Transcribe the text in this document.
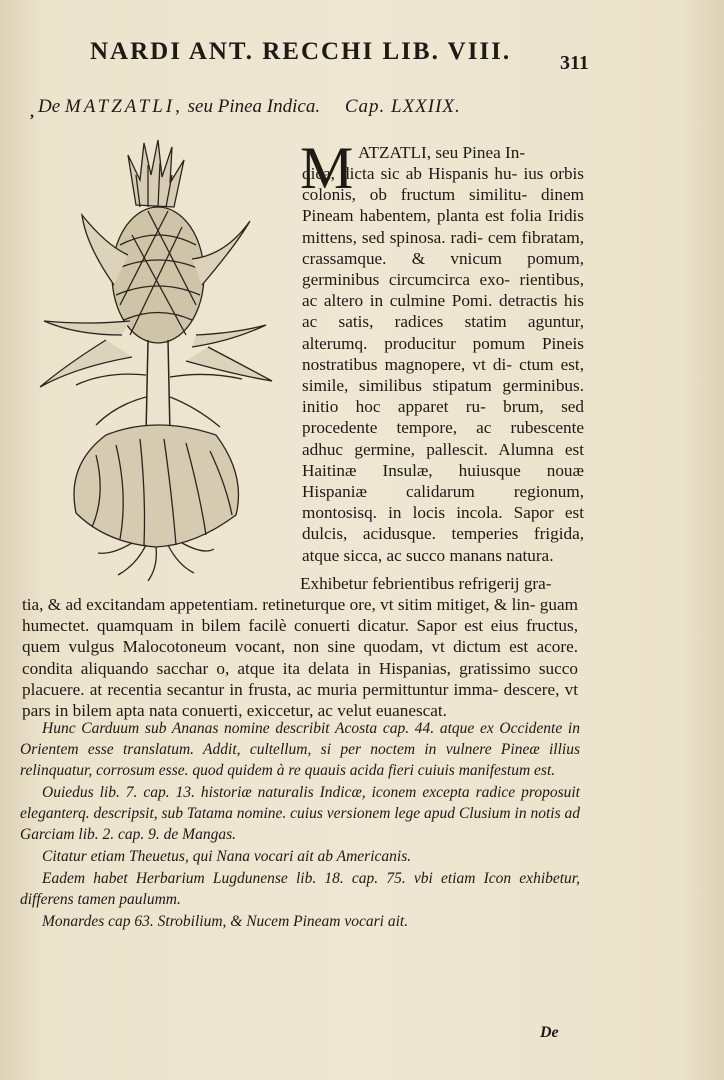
NARDI ANT. RECCHI LIB. VIII. 311
, De MATZATLI, seu Pinea Indica. Cap. LXXIIX.
M ATZATLI, seu Pinea In-

dica, dicta sic ab Hispanis hu- ius orbis colonis, ob fructum similitu- dinem Pineam habentem, planta est folia Iridis mittens, sed spinosa. radi- cem fibratam, crassamque. & vnicum pomum, germinibus circumcirca exo- rientibus, ac altero in culmine Pomi. detractis his ac satis, radices statim aguntur, alterumq. producitur pomum Pineis nostratibus magnopere, vt di- ctum est, simile, similibus stipatum germinibus. initio hoc apparet ru- brum, sed procedente tempore, ac rubescente adhuc germine, pallescit. Alumna est Haitinæ Insulæ, huiusque nouæ Hispaniæ calidarum regionum, montosisq. in locis incola. Sapor est dulcis, acidusque. temperies frigida, atque sicca, ac succo manans natura.

Exhibetur febrientibus refrigerij gra-

tia, & ad excitandam appetentiam. retineturque ore, vt sitim mitiget, & lin- guam humectet. quamquam in bilem facilè conuerti dicatur. Sapor est eius fructus, quem vulgus Malocotoneum vocant, non sine quodam, vt dictum est acore. condita aliquando sacchar o, atque ita delata in Hispanias, gratissimo succo placuere. at recentia secantur in frusta, ac muria permittuntur imma- descere, vt pars in bilem apta nata conuerti, exiccetur, ac velut euanescat.

Hunc Carduum sub Ananas nomine describit Acosta cap. 44. atque ex Occidente in Orientem esse translatum. Addit, cultellum, si per noctem in vulnere Pineæ illius relinquatur, corrosum esse. quod quidem à re quauis acida fieri cuiuis manifestum est.

Ouiedus lib. 7. cap. 13. historiæ naturalis Indicæ, iconem excepta radice proposuit eleganterq. descripsit, sub Tatama nomine. cuius versionem lege apud Clusium in notis ad Garciam lib. 2. cap. 9. de Mangas.

Citatur etiam Theuetus, qui Nana vocari ait ab Americanis.

Eadem habet Herbarium Lugdunense lib. 18. cap. 75. vbi etiam Icon exhibetur, differens tamen paulumm.

Monardes cap 63. Strobilium, & Nucem Pineam vocari ait.

De
